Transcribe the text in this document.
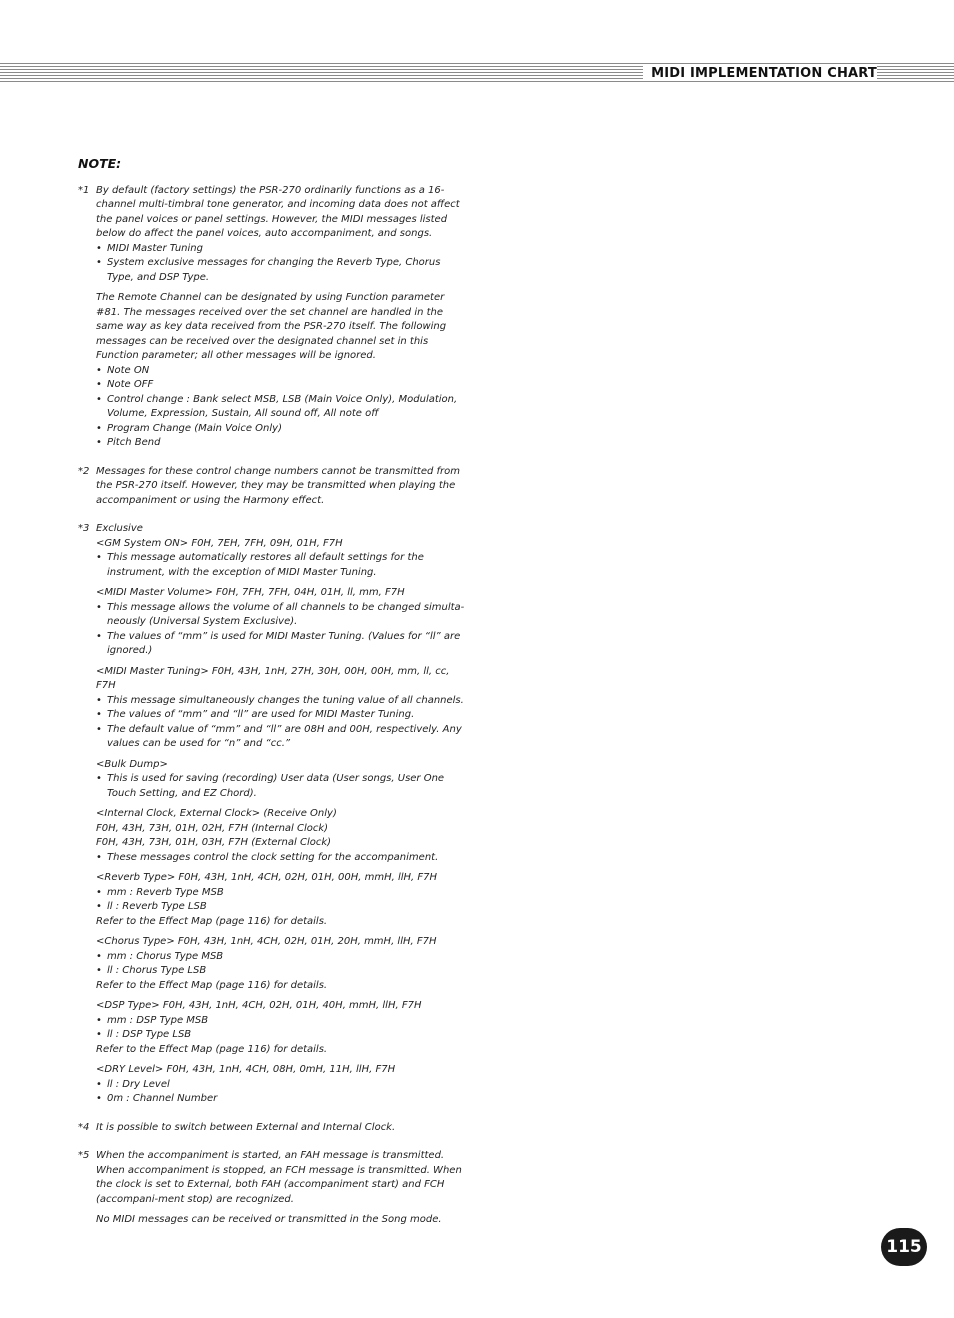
MIDI IMPLEMENTATION CHART
NOTE:
*1 By default (factory settings) the PSR-270 ordinarily functions as a 16-channel multi-timbral tone generator, and incoming data does not affect the panel voices or panel settings. However, the MIDI messages listed below do affect the panel voices, auto accompaniment, and songs.
• MIDI Master Tuning
• System exclusive messages for changing the Reverb Type, Chorus Type, and DSP Type.
The Remote Channel can be designated by using Function parameter #81. The messages received over the set channel are handled in the same way as key data received from the PSR-270 itself. The following messages can be received over the designated channel set in this Function parameter; all other messages will be ignored.
• Note ON
• Note OFF
• Control change : Bank select MSB, LSB (Main Voice Only), Modulation, Volume, Expression, Sustain, All sound off, All note off
• Program Change (Main Voice Only)
• Pitch Bend
*2 Messages for these control change numbers cannot be transmitted from the PSR-270 itself. However, they may be transmitted when playing the accompaniment or using the Harmony effect.
*3 Exclusive
<GM System ON> F0H, 7EH, 7FH, 09H, 01H, F7H
• This message automatically restores all default settings for the instrument, with the exception of MIDI Master Tuning.
<MIDI Master Volume> F0H, 7FH, 7FH, 04H, 01H, ll, mm, F7H
• This message allows the volume of all channels to be changed simulta-neously (Universal System Exclusive).
• The values of “mm” is used for MIDI Master Tuning. (Values for “ll” are ignored.)
<MIDI Master Tuning> F0H, 43H, 1nH, 27H, 30H, 00H, 00H, mm, ll, cc, F7H
• This message simultaneously changes the tuning value of all channels.
• The values of “mm” and “ll” are used for MIDI Master Tuning.
• The default value of “mm” and “ll” are 08H and 00H, respectively. Any values can be used for “n” and “cc.”
<Bulk Dump>
• This is used for saving (recording) User data (User songs, User One Touch Setting, and EZ Chord).
<Internal Clock, External Clock> (Receive Only)
F0H, 43H, 73H, 01H, 02H, F7H (Internal Clock)
F0H, 43H, 73H, 01H, 03H, F7H (External Clock)
• These messages control the clock setting for the accompaniment.
<Reverb Type> F0H, 43H, 1nH, 4CH, 02H, 01H, 00H, mmH, llH, F7H
• mm : Reverb Type MSB
• ll : Reverb Type LSB
Refer to the Effect Map (page 116) for details.
<Chorus Type> F0H, 43H, 1nH, 4CH, 02H, 01H, 20H, mmH, llH, F7H
• mm : Chorus Type MSB
• ll : Chorus Type LSB
Refer to the Effect Map (page 116) for details.
<DSP Type> F0H, 43H, 1nH, 4CH, 02H, 01H, 40H, mmH, llH, F7H
• mm : DSP Type MSB
• ll : DSP Type LSB
Refer to the Effect Map (page 116) for details.
<DRY Level> F0H, 43H, 1nH, 4CH, 08H, 0mH, 11H, llH, F7H
• ll : Dry Level
• 0m : Channel Number
*4 It is possible to switch between External and Internal Clock.
*5 When the accompaniment is started, an FAH message is transmitted. When accompaniment is stopped, an FCH message is transmitted. When the clock is set to External, both FAH (accompaniment start) and FCH (accompani-ment stop) are recognized.
No MIDI messages can be received or transmitted in the Song mode.
115
